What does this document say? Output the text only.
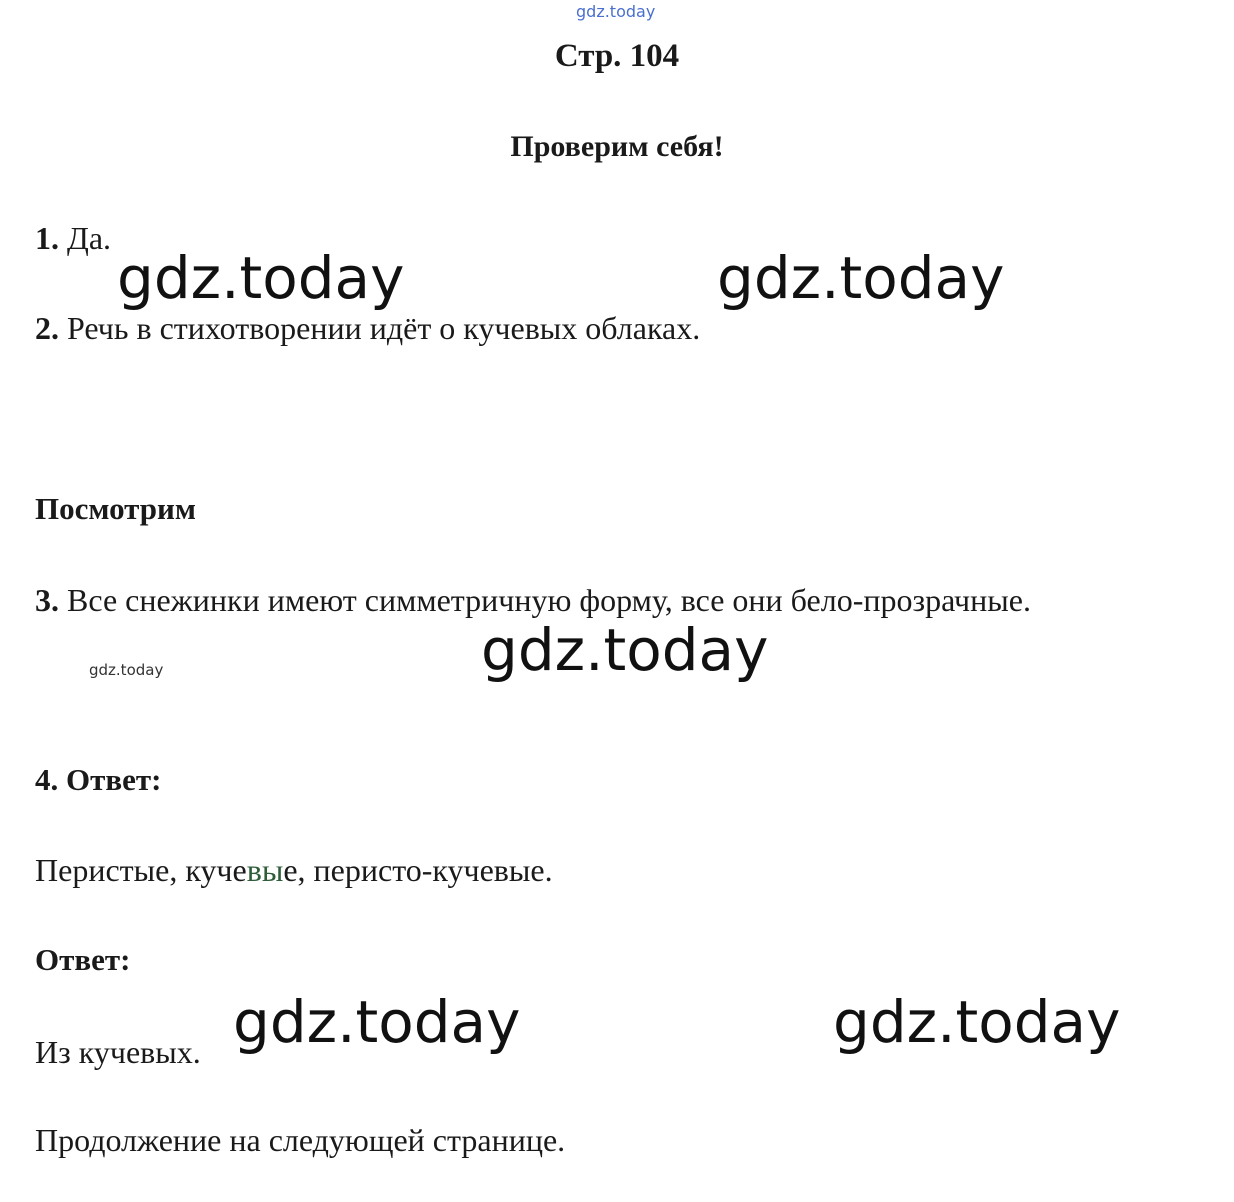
gdz.today
Стр. 104
Проверим себя!
1. Да.
gdz.today	gdz.today
2. Речь в стихотворении идёт о кучевых облаках.
Посмотрим
3. Все снежинки имеют симметричную форму, все они бело-прозрачные.
gdz.today
gdz.today
4. Ответ:
Перистые, кучевые, перисто-кучевые.
Ответ:
gdz.today	gdz.today
Из кучевых.
Продолжение на следующей странице.
